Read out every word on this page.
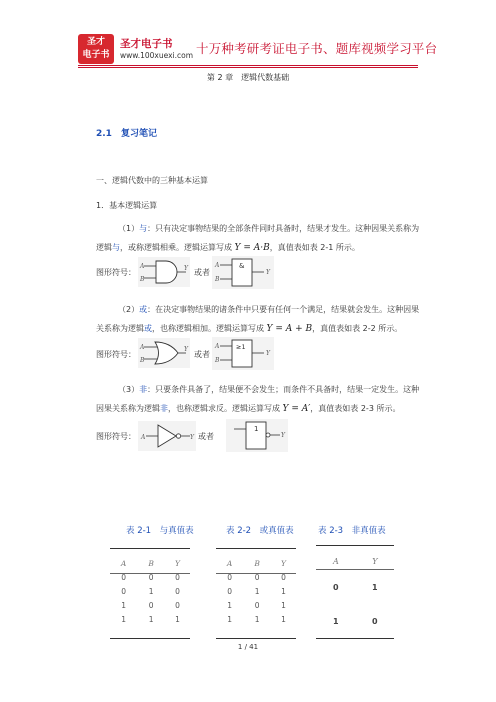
圣才
电子书
圣才电子书
www.100xuexi.com 十万种考研考证电子书、题库视频学习平台
第 2 章　逻辑代数基础
2.1　复习笔记
一、逻辑代数中的三种基本运算
1．基本逻辑运算
（1）与：只有决定事物结果的全部条件同时具备时，结果才发生。这种因果关系称为
逻辑与，或称逻辑相乘。逻辑运算写成 Y = A·B，真值表如表 2-1 所示。
图形符号：
A
B
Y 或者
A
B
&
Y
（2）或：在决定事物结果的诸条件中只要有任何一个满足，结果就会发生。这种因果
关系称为逻辑或，也称逻辑相加。逻辑运算写成 Y = A + B，真值表如表 2-2 所示。
图形符号：
A
B
Y
或者
A
B
≥1
Y
（3）非：只要条件具备了，结果便不会发生；而条件不具备时，结果一定发生。这种
因果关系称为逻辑非，也称逻辑求反。逻辑运算写成 Y = A′，真值表如表 2-3 所示。
图形符号： A	Y 或者
1
Y
表 2-1　与真值表	表 2-2　或真值表	表 2-3　非真值表
A	B	Y
0	0	0
0	1	0
1	0	0
1	1	1
A	B	Y
0	0	0
0	1	1
1	0	1
1	1	1
A	Y
0	1
1	0
1 / 41
